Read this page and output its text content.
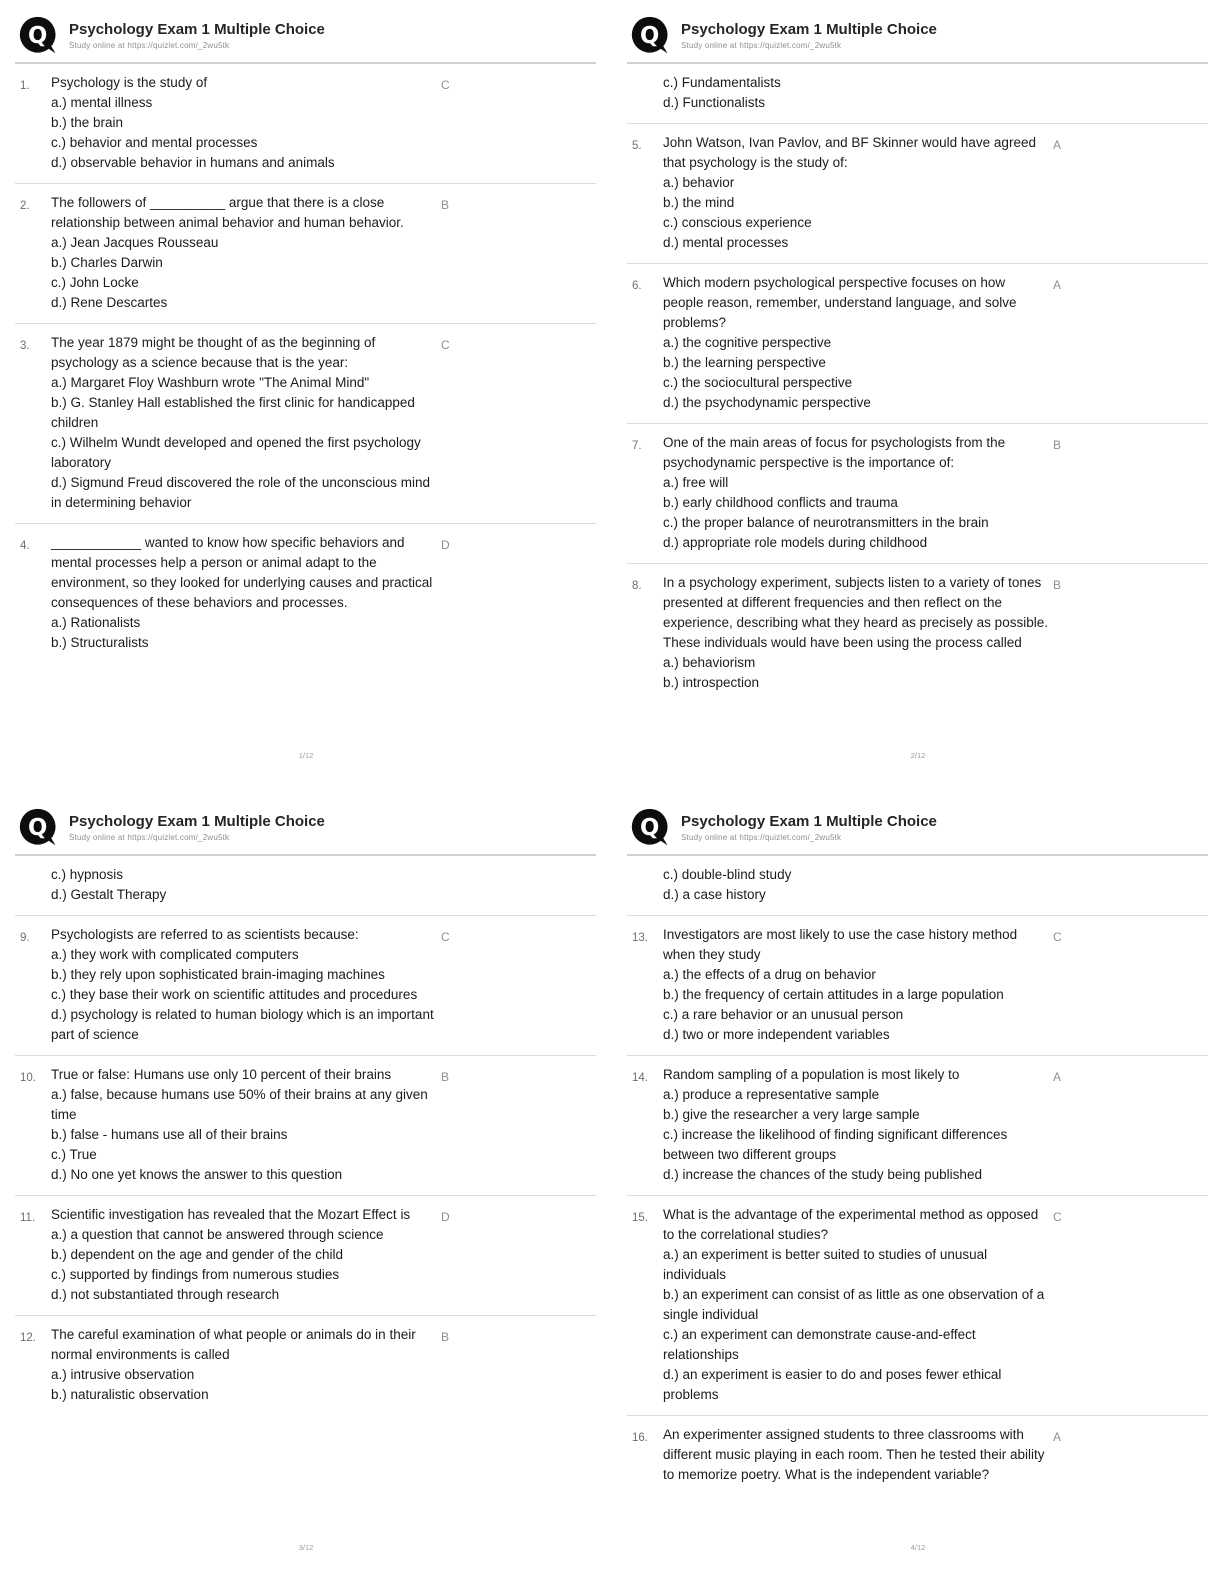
Q Psychology Exam 1 Multiple Choice
Study online at https://quizlet.com/_2wu5tk
1.	Psychology is the study of
a.) mental illness
b.) the brain
c.) behavior and mental processes
d.) observable behavior in humans and animals
C
2.	The followers of __________ argue that there is a close relationship between animal behavior and human behavior.
a.) Jean Jacques Rousseau
b.) Charles Darwin
c.) John Locke
d.) Rene Descartes
B
3.	The year 1879 might be thought of as the beginning of psychology as a science because that is the year:
a.) Margaret Floy Washburn wrote "The Animal Mind"
b.) G. Stanley Hall established the first clinic for handicapped children
c.) Wilhelm Wundt developed and opened the first psychology laboratory
d.) Sigmund Freud discovered the role of the unconscious mind in determining behavior
C
4.	____________ wanted to know how specific behaviors and mental processes help a person or animal adapt to the environment, so they looked for underlying causes and practical consequences of these behaviors and processes.
a.) Rationalists
b.) Structuralists
D
1/12
Q Psychology Exam 1 Multiple Choice
Study online at https://quizlet.com/_2wu5tk
c.) Fundamentalists
d.) Functionalists
5.	John Watson, Ivan Pavlov, and BF Skinner would have agreed that psychology is the study of:
a.) behavior
b.) the mind
c.) conscious experience
d.) mental processes
A
6.	Which modern psychological perspective focuses on how people reason, remember, understand language, and solve problems?
a.) the cognitive perspective
b.) the learning perspective
c.) the sociocultural perspective
d.) the psychodynamic perspective
A
7.	One of the main areas of focus for psychologists from the psychodynamic perspective is the importance of:
a.) free will
b.) early childhood conflicts and trauma
c.) the proper balance of neurotransmitters in the brain
d.) appropriate role models during childhood
B
8.	In a psychology experiment, subjects listen to a variety of tones presented at different frequencies and then reflect on the experience, describing what they heard as precisely as possible. These individuals would have been using the process called
a.) behaviorism
b.) introspection
B
2/12
Q Psychology Exam 1 Multiple Choice
Study online at https://quizlet.com/_2wu5tk
c.) hypnosis
d.) Gestalt Therapy
9.	Psychologists are referred to as scientists because:
a.) they work with complicated computers
b.) they rely upon sophisticated brain-imaging machines
c.) they base their work on scientific attitudes and procedures
d.) psychology is related to human biology which is an important part of science
C
10.	True or false: Humans use only 10 percent of their brains
a.) false, because humans use 50% of their brains at any given time
b.) false - humans use all of their brains
c.) True
d.) No one yet knows the answer to this question
B
11.	Scientific investigation has revealed that the Mozart Effect is
a.) a question that cannot be answered through science
b.) dependent on the age and gender of the child
c.) supported by findings from numerous studies
d.) not substantiated through research
D
12.	The careful examination of what people or animals do in their normal environments is called
a.) intrusive observation
b.) naturalistic observation
B
3/12
Q Psychology Exam 1 Multiple Choice
Study online at https://quizlet.com/_2wu5tk
c.) double-blind study
d.) a case history
13.	Investigators are most likely to use the case history method when they study
a.) the effects of a drug on behavior
b.) the frequency of certain attitudes in a large population
c.) a rare behavior or an unusual person
d.) two or more independent variables
C
14.	Random sampling of a population is most likely to
a.) produce a representative sample
b.) give the researcher a very large sample
c.) increase the likelihood of finding significant differences between two different groups
d.) increase the chances of the study being published
A
15.	What is the advantage of the experimental method as opposed to the correlational studies?
a.) an experiment is better suited to studies of unusual individuals
b.) an experiment can consist of as little as one observation of a single individual
c.) an experiment can demonstrate cause-and-effect relationships
d.) an experiment is easier to do and poses fewer ethical problems
C
16.	An experimenter assigned students to three classrooms with different music playing in each room. Then he tested their ability to memorize poetry. What is the independent variable?
A
4/12
